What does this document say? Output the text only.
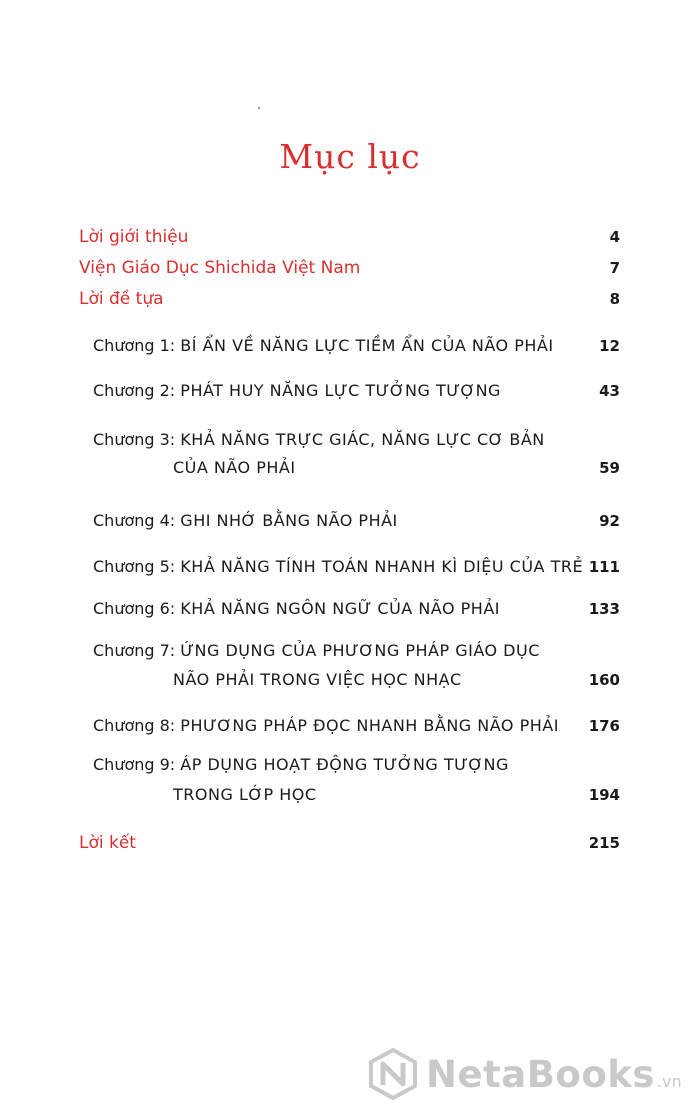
Mục lục
Lời giới thiệu	4
Viện Giáo Dục Shichida Việt Nam	7
Lời đề tựa	8
Chương 1: BÍ ẨN VỀ NĂNG LỰC TIỀM ẨN CỦA NÃO PHẢI	12
Chương 2: PHÁT HUY NĂNG LỰC TƯỞNG TƯỢNG	43
Chương 3: KHẢ NĂNG TRỰC GIÁC, NĂNG LỰC CƠ BẢN
CỦA NÃO PHẢI	59
Chương 4: GHI NHỚ BẰNG NÃO PHẢI	92
Chương 5: KHẢ NĂNG TÍNH TOÁN NHANH KÌ DIỆU CỦA TRẺ 111
Chương 6: KHẢ NĂNG NGÔN NGỮ CỦA NÃO PHẢI	133
Chương 7: ỨNG DỤNG CỦA PHƯƠNG PHÁP GIÁO DỤC
NÃO PHẢI TRONG VIỆC HỌC NHẠC	160
Chương 8: PHƯƠNG PHÁP ĐỌC NHANH BẰNG NÃO PHẢI 176
Chương 9: ÁP DỤNG HOẠT ĐỘNG TƯỞNG TƯỢNG
TRONG LỚP HỌC	194
Lời kết	215
NetaBooks .vn
